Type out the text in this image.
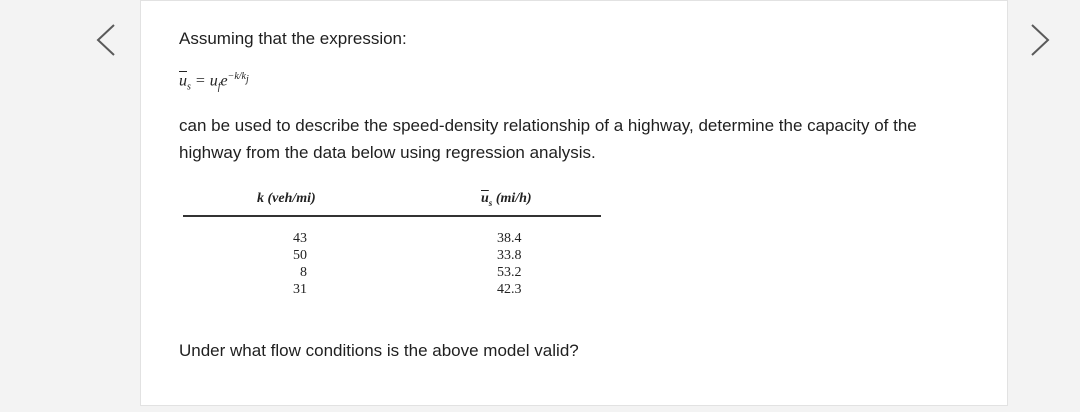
Assuming that the expression:
$\overline{u}_s = u_fe^{-k/k_j}$
can be used to describe the speed-density relationship of a highway, determine the capacity of the highway from the data below using regression analysis.
k (veh/mi)	$\overline{u}_s$ (mi/h)
43	38.4
50	33.8
8	53.2
31	42.3
Under what flow conditions is the above model valid?
